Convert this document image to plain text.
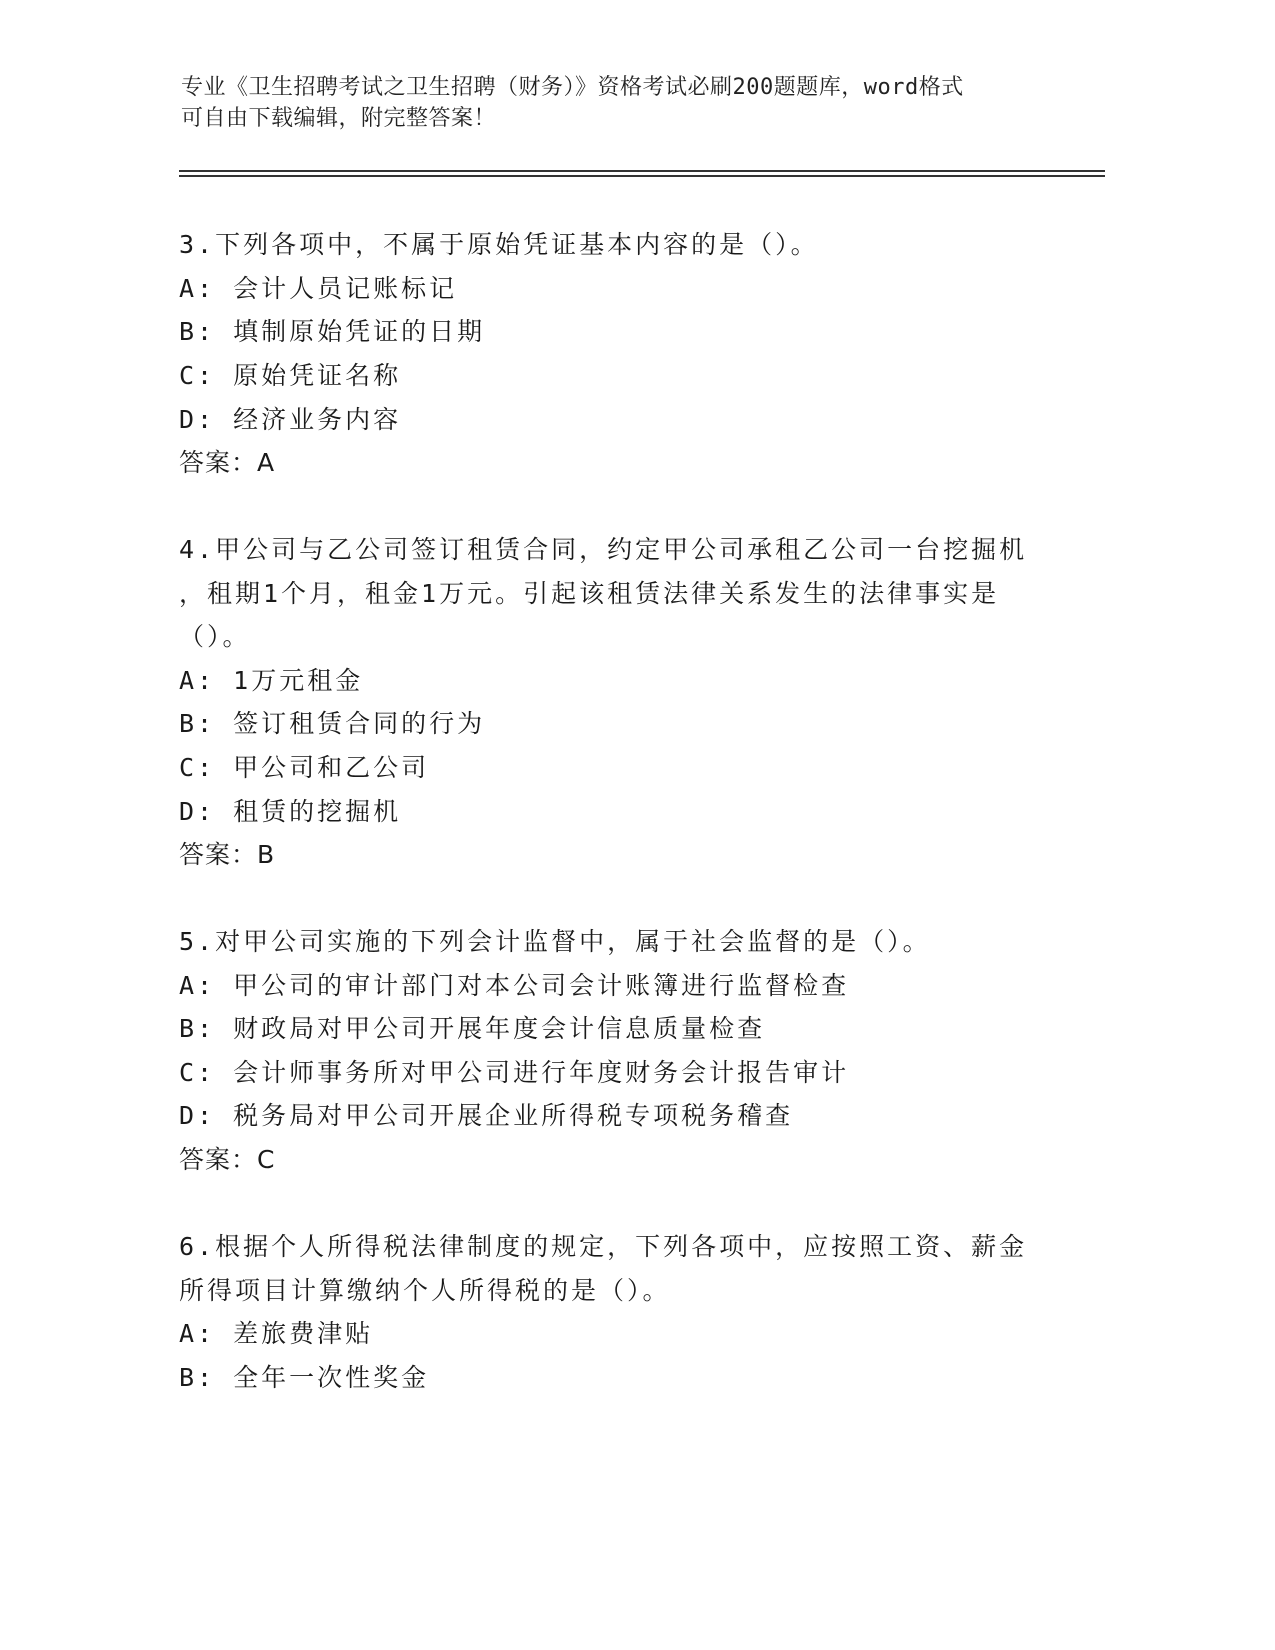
专业《卫生招聘考试之卫生招聘（财务）》资格考试必刷200题题库，word格式
可自由下载编辑，附完整答案！
3.下列各项中，不属于原始凭证基本内容的是（）。
A: 会计人员记账标记
B: 填制原始凭证的日期
C: 原始凭证名称
D: 经济业务内容
答案：A
4.甲公司与乙公司签订租赁合同，约定甲公司承租乙公司一台挖掘机
，租期1个月，租金1万元。引起该租赁法律关系发生的法律事实是
（）。
A: 1万元租金
B: 签订租赁合同的行为
C: 甲公司和乙公司
D: 租赁的挖掘机
答案：B
5.对甲公司实施的下列会计监督中，属于社会监督的是（）。
A: 甲公司的审计部门对本公司会计账簿进行监督检查
B: 财政局对甲公司开展年度会计信息质量检查
C: 会计师事务所对甲公司进行年度财务会计报告审计
D: 税务局对甲公司开展企业所得税专项税务稽查
答案：C
6.根据个人所得税法律制度的规定，下列各项中，应按照工资、薪金
所得项目计算缴纳个人所得税的是（）。
A: 差旅费津贴
B: 全年一次性奖金
